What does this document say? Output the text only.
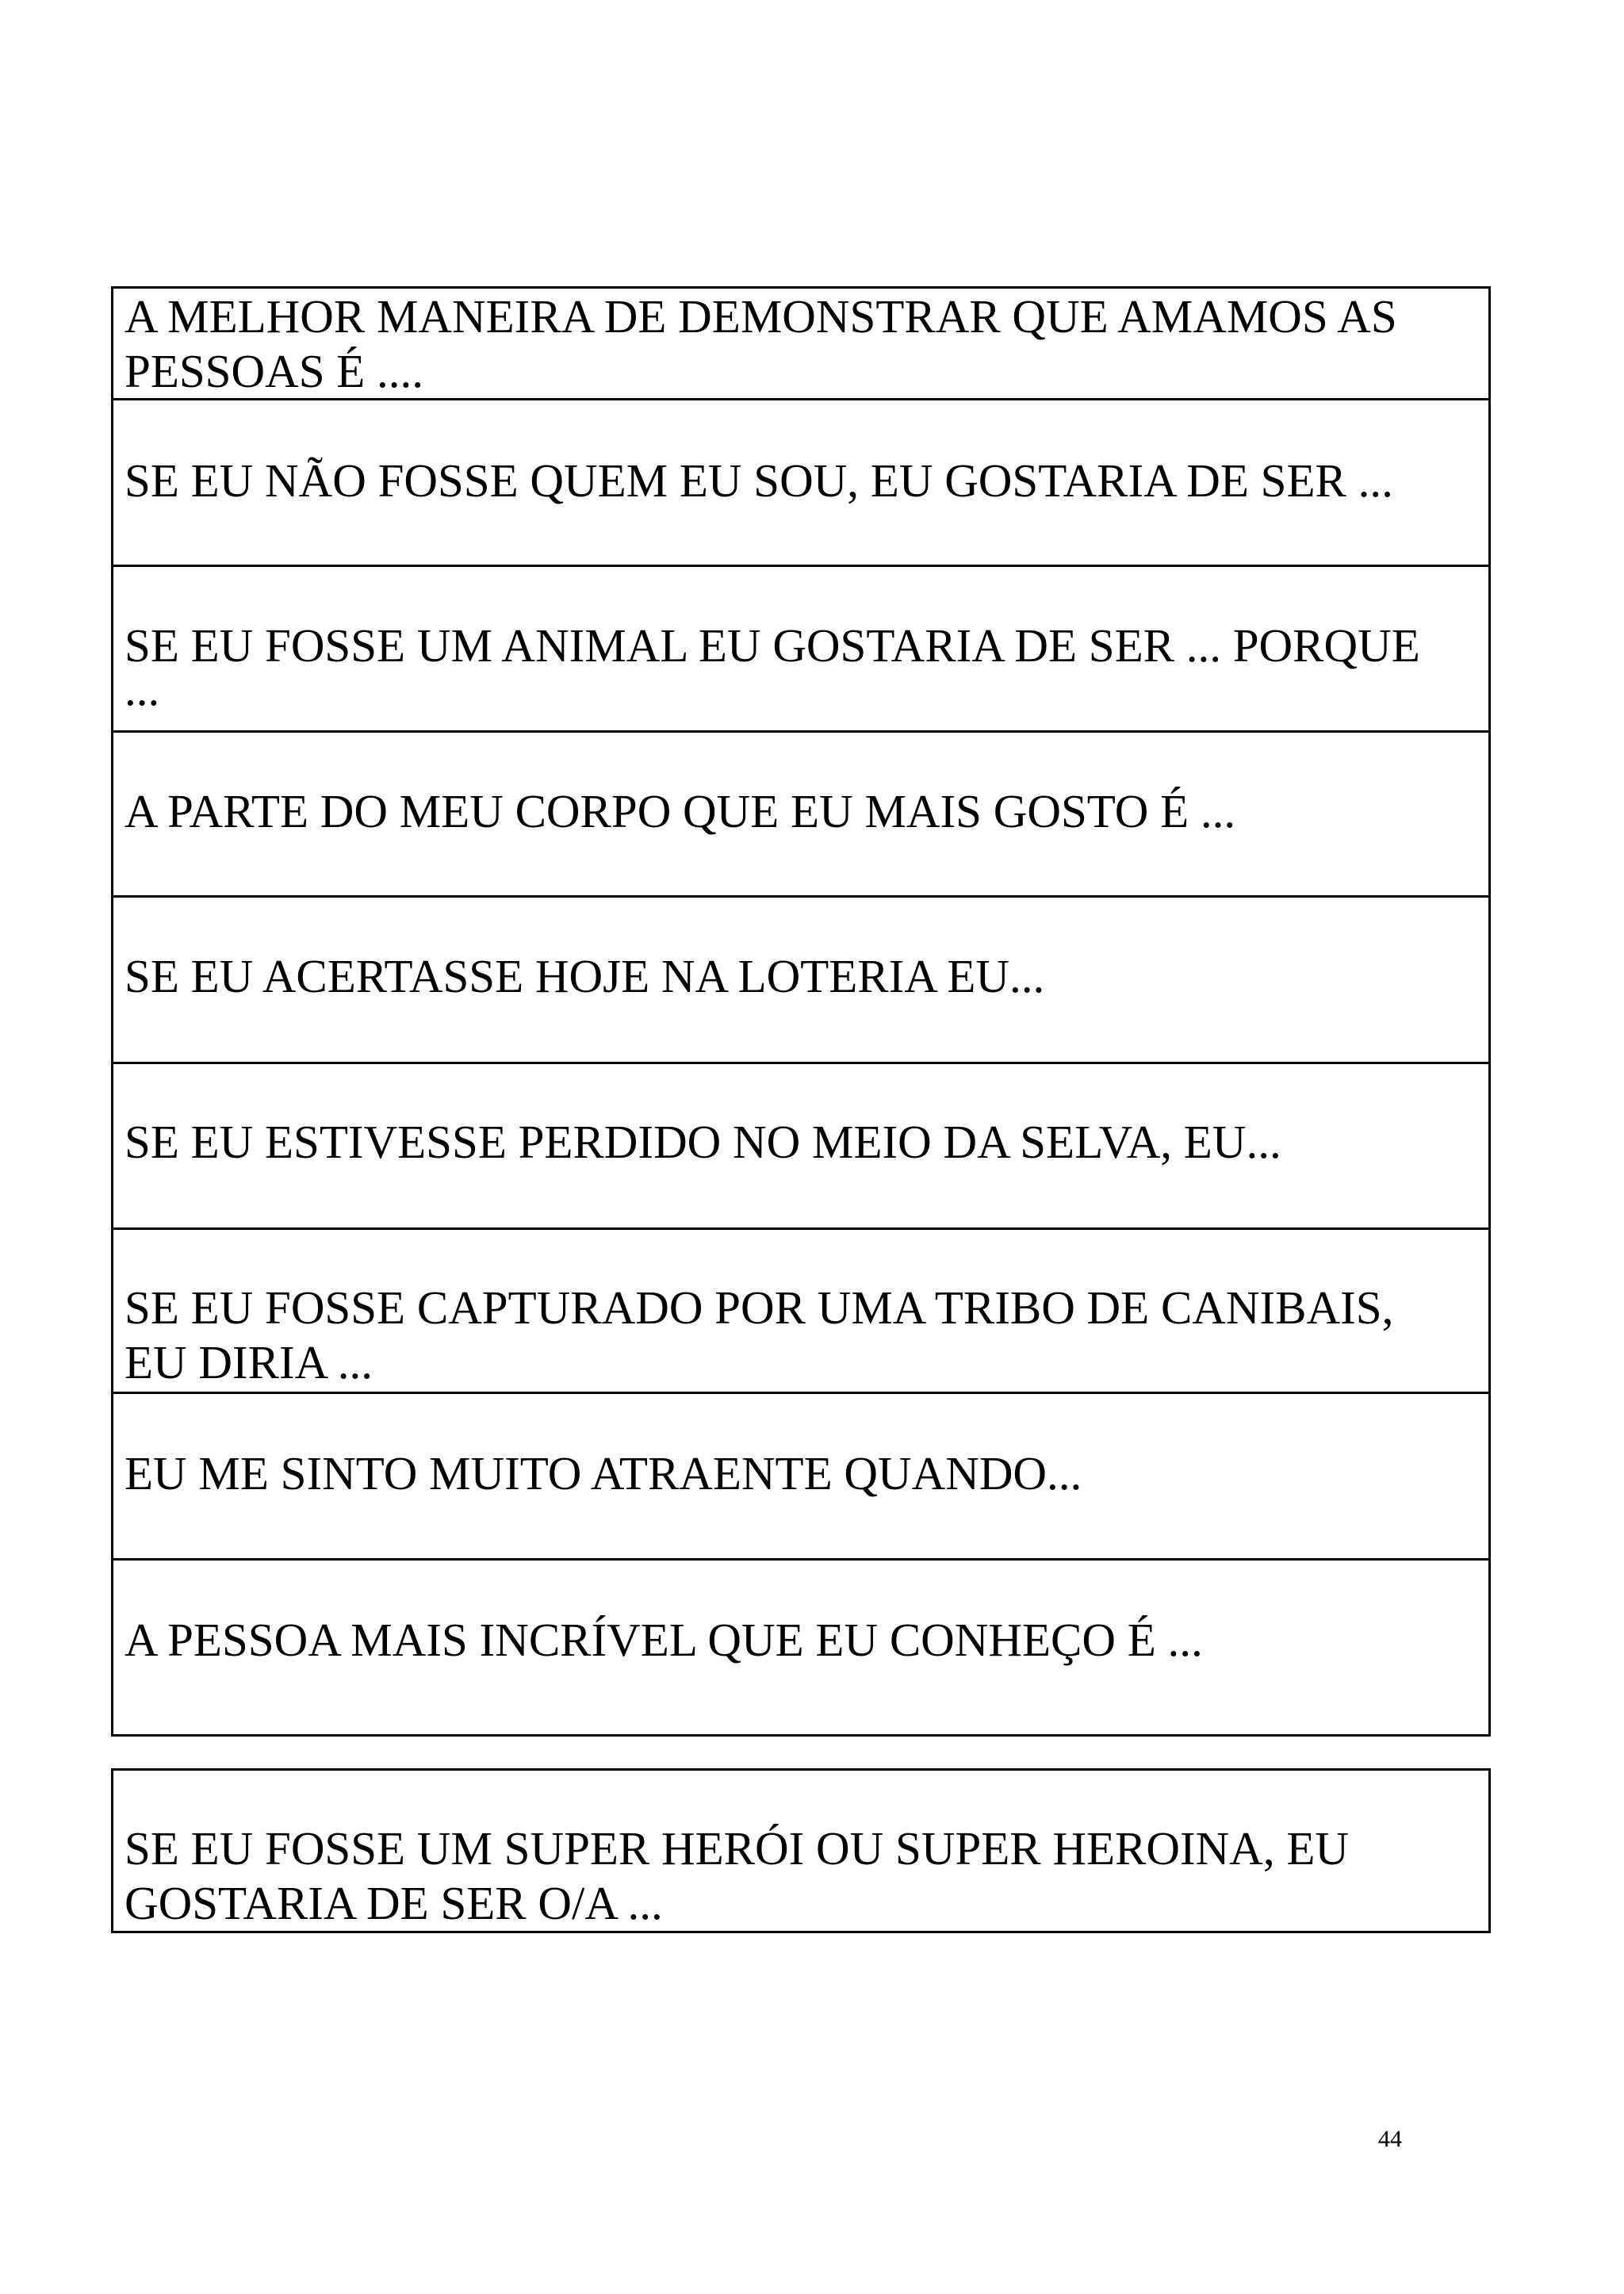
A MELHOR MANEIRA DE DEMONSTRAR QUE AMAMOS AS
PESSOAS É ....
SE EU NÃO FOSSE QUEM EU SOU, EU GOSTARIA DE SER ...
SE EU FOSSE UM ANIMAL EU GOSTARIA DE SER ... PORQUE
...
A PARTE DO MEU CORPO QUE EU MAIS GOSTO É ...
SE EU ACERTASSE HOJE NA LOTERIA EU...
SE EU ESTIVESSE PERDIDO NO MEIO DA SELVA, EU...
SE EU FOSSE CAPTURADO POR UMA TRIBO DE CANIBAIS,
EU DIRIA ...
EU ME SINTO MUITO ATRAENTE QUANDO...
A PESSOA MAIS INCRÍVEL QUE EU CONHEÇO É ...
SE EU FOSSE UM SUPER HERÓI OU SUPER HEROINA, EU
GOSTARIA DE SER O/A ...
44
